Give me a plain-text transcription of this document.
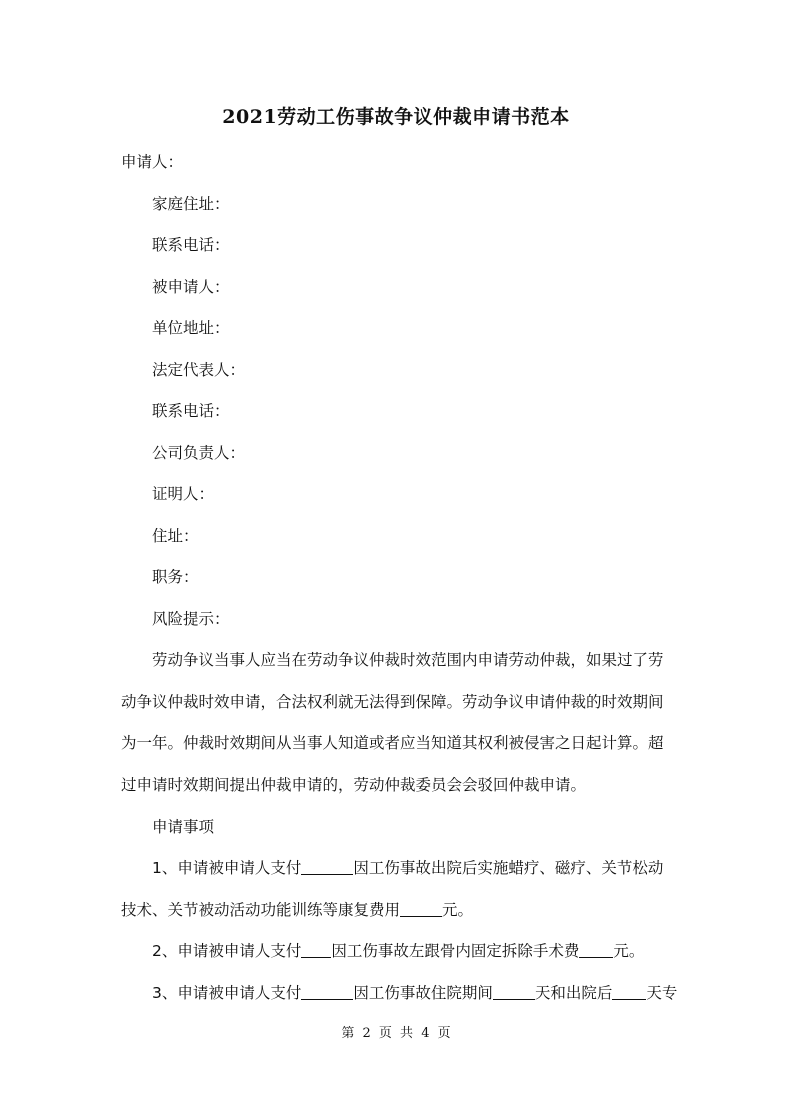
2021劳动工伤事故争议仲裁申请书范本

申请人：

家庭住址：

联系电话：

被申请人：

单位地址：

法定代表人：

联系电话：

公司负责人：

证明人：

住址：

职务：

风险提示：

劳动争议当事人应当在劳动争议仲裁时效范围内申请劳动仲裁，如果过了劳

动争议仲裁时效申请，合法权利就无法得到保障。劳动争议申请仲裁的时效期间

为一年。仲裁时效期间从当事人知道或者应当知道其权利被侵害之日起计算。超

过申请时效期间提出仲裁申请的，劳动仲裁委员会会驳回仲裁申请。

申请事项

1、申请被申请人支付	因工伤事故出院后实施蜡疗、磁疗、关节松动

技术、关节被动活动功能训练等康复费用	元。

2、申请被申请人支付 因工伤事故左跟骨内固定拆除手术费 元。

3、申请被申请人支付	因工伤事故住院期间	天和出院后 天专

第 2 页 共 4 页
